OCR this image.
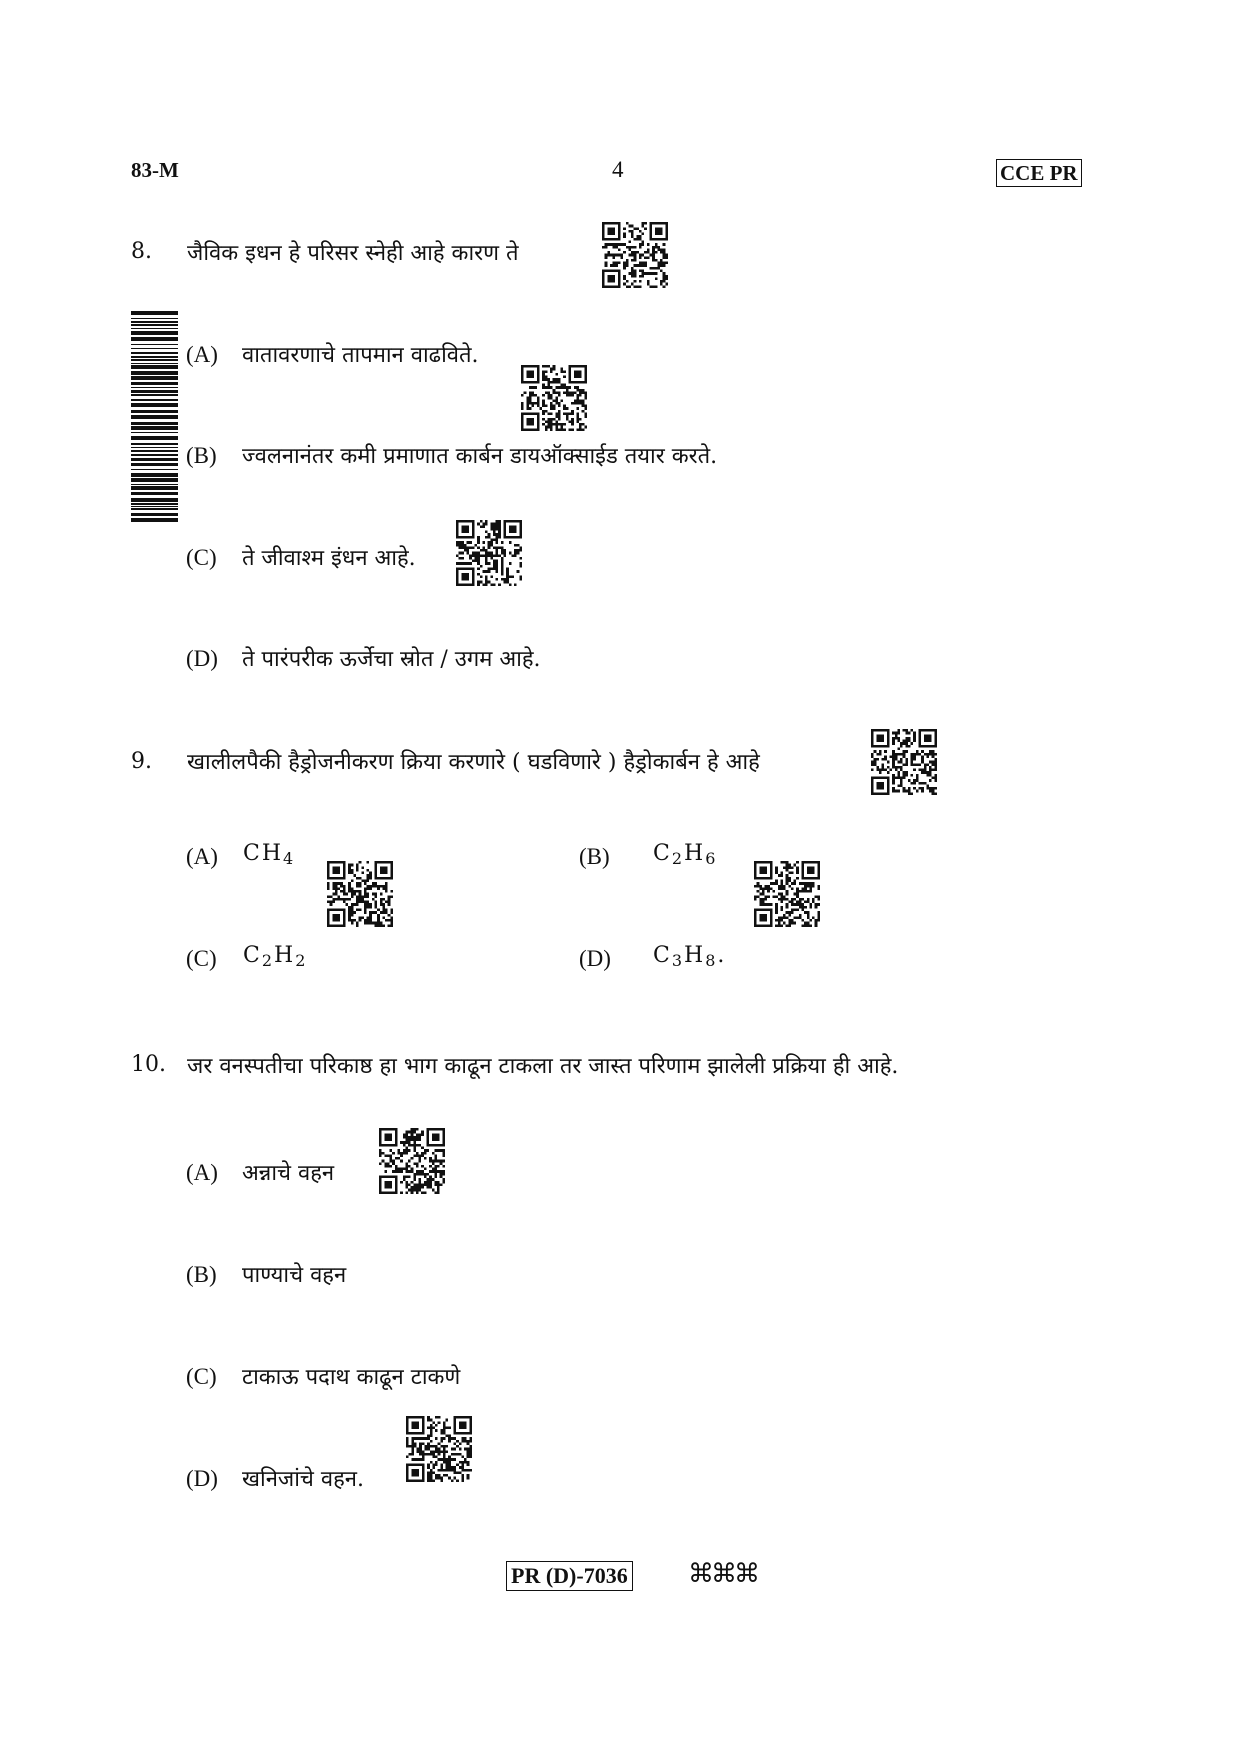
83-M	4	CCE PR
8. जैविक इधन हे परिसर स्नेही आहे कारण ते
(A) वातावरणाचे तापमान वाढविते.
(B) ज्वलनानंतर कमी प्रमाणात कार्बन डायऑक्साईड तयार करते.
(C) ते जीवाश्म इंधन आहे.
(D) ते पारंपरीक ऊर्जेचा स्रोत / उगम आहे.
9. खालीलपैकी हैड्रोजनीकरण क्रिया करणारे ( घडविणारे ) हैड्रोकार्बन हे आहे
(A) $CH_4$	(B) $C_2H_6$
(C) $C_2H_2$	(D) $C_3H_8$.
10. जर वनस्पतीचा परिकाष्ठ हा भाग काढून टाकला तर जास्त परिणाम झालेली प्रक्रिया ही आहे.
(A) अन्नाचे वहन
(B) पाण्याचे वहन
(C) टाकाऊ पदाथ काढून टाकणे
(D) खनिजांचे वहन.
PR (D)-7036 ⌘⌘⌘
